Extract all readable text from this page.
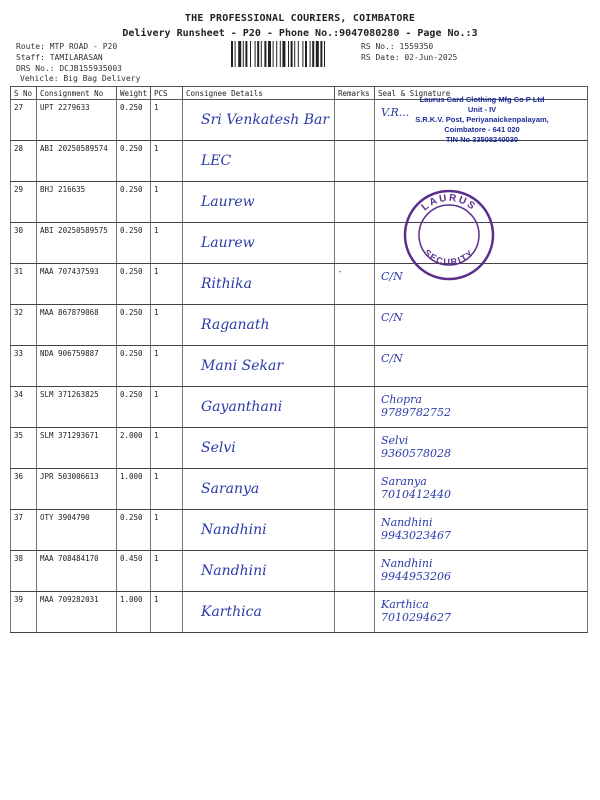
THE PROFESSIONAL COURIERS, COIMBATORE
Delivery Runsheet - P20 - Phone No.:9047080280 - Page No.:3
Route: MTP ROAD - P20
Staff: TAMILARASAN
DRS No.: DCJB155935003
Vehicle: Big Bag Delivery
RS No.: 1559350
RS Date: 02-Jun-2025
S No	Consignment No	Weight	PCS	Consignee Details	Remarks	Seal & Signature
27	UPT 2279633	0.250	1	Sri Venkatesh Bar		V.R...

28	ABI 20250589574	0.250	1	LEC		

29	BHJ 216635	0.250	1	Laurew		

30	ABI 20250589575	0.250	1	Laurew		

31	MAA 707437593	0.250	1	Rithika	-	C/N

32	MAA 867879068	0.250	1	Raganath		C/N

33	NDA 906759887	0.250	1	Mani Sekar		C/N

34	SLM 371263825	0.250	1	Gayanthani		Chopra
9789782752

35	SLM 371293671	2.000	1	Selvi		Selvi
9360578028

36	JPR 503006613	1.000	1	Saranya		Saranya
7010412440

37	OTY 3904790	0.250	1	Nandhini		Nandhini
9943023467

38	MAA 708484170	0.450	1	Nandhini		Nandhini
9944953206

39	MAA 709282031	1.000	1	Karthica		Karthica
7010294627
Laurus Card Clothing Mfg Co P Ltd
Unit - IV
S.R.K.V. Post, Periyanaickenpalayam,
Coimbatore - 641 020
TIN No 33508240030
LAURUS
SECURITY
